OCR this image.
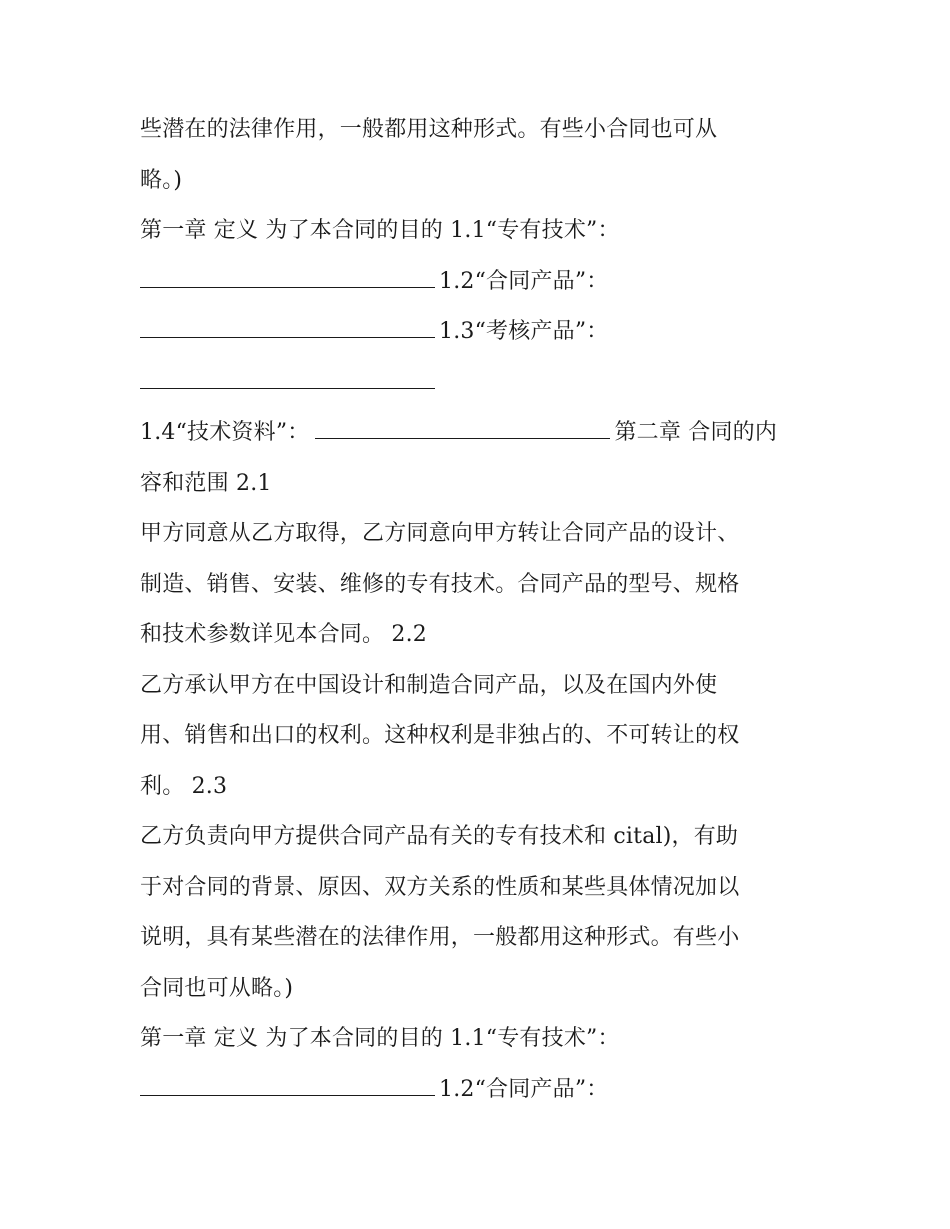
些潜在的法律作用，一般都用这种形式。有些小合同也可从
略。)
第一章 定义 为了本合同的目的 1.1“专有技术”：
1.2“合同产品”：
1.3“考核产品”：
1.4“技术资料”：	第二章 合同的内
容和范围 2.1
甲方同意从乙方取得，乙方同意向甲方转让合同产品的设计、
制造、销售、安装、维修的专有技术。合同产品的型号、规格
和技术参数详见本合同。 2.2
乙方承认甲方在中国设计和制造合同产品，以及在国内外使
用、销售和出口的权利。这种权利是非独占的、不可转让的权
利。 2.3
乙方负责向甲方提供合同产品有关的专有技术和 cital)，有助
于对合同的背景、原因、双方关系的性质和某些具体情况加以
说明，具有某些潜在的法律作用，一般都用这种形式。有些小
合同也可从略。)
第一章 定义 为了本合同的目的 1.1“专有技术”：
1.2“合同产品”：
